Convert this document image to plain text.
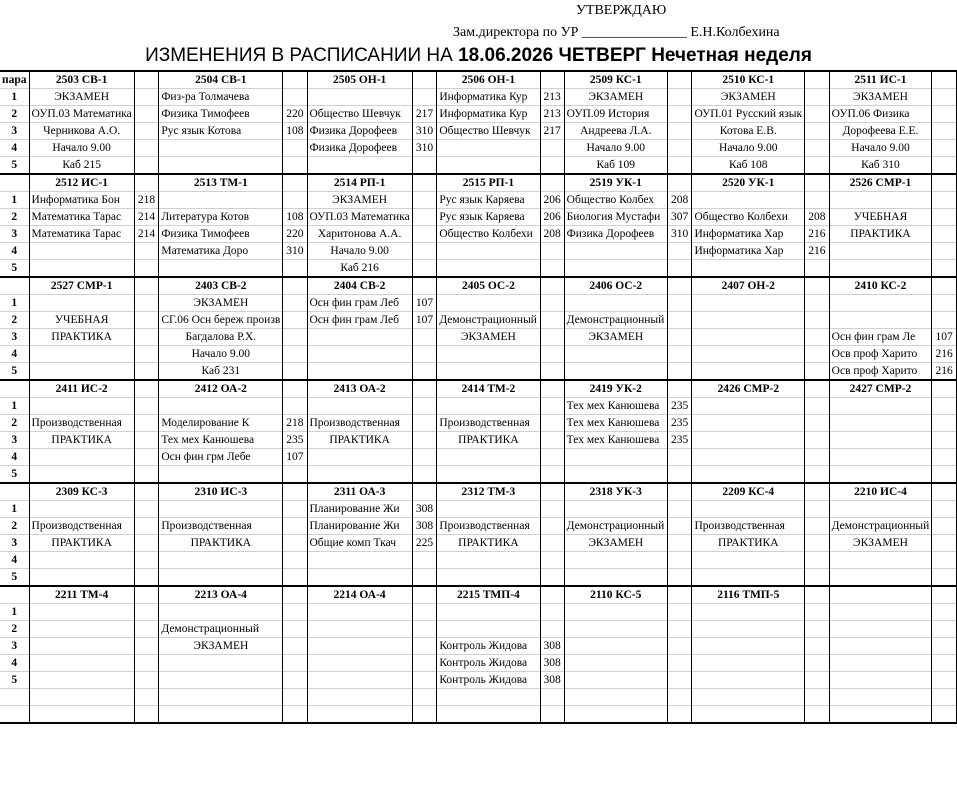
УТВЕРЖДАЮ
Зам.директора по УР _______________ Е.Н.Колбехина
ИЗМЕНЕНИЯ В РАСПИСАНИИ НА 18.06.2026 ЧЕТВЕРГ Нечетная неделя
пара	2503 СВ-1		2504 СВ-1		2505 ОН-1		2506 ОН-1		2509 КС-1		2510 КС-1		2511 ИС-1	
1	ЭКЗАМЕН		Физ-ра Толмачева				Информатика Кур	213	ЭКЗАМЕН		ЭКЗАМЕН		ЭКЗАМЕН	
2	ОУП.03 Математика		Физика Тимофеев	220	Общество Шевчук	217	Информатика Кур	213	ОУП.09 История		ОУП.01 Русский язык		ОУП.06 Физика	
3	Черникова А.О.		Рус язык Котова	108	Физика Дорофеев	310	Общество Шевчук	217	Андреева Л.А.		Котова Е.В.		Дорофеева Е.Е.	
4	Начало 9.00				Физика Дорофеев	310			Начало 9.00		Начало 9.00		Начало 9.00	
5	Каб 215								Каб 109		Каб 108		Каб 310	
	2512 ИС-1		2513 ТМ-1		2514 РП-1		2515 РП-1		2519 УК-1		2520 УК-1		2526 СМР-1	
1	Информатика Бон	218			ЭКЗАМЕН		Рус язык Каряева	206	Общество Колбех	208				
2	Математика Тарас	214	Литература Котов	108	ОУП.03 Математика		Рус язык Каряева	206	Биология Мустафи	307	Общество Колбехи	208	УЧЕБНАЯ	
3	Математика Тарас	214	Физика Тимофеев	220	Харитонова А.А.		Общество Колбехи	208	Физика Дорофеев	310	Информатика Хар	216	ПРАКТИКА	
4			Математика Доро	310	Начало 9.00						Информатика Хар	216		
5					Каб 216									
	2527 СМР-1		2403 СВ-2		2404 СВ-2		2405 ОС-2		2406 ОС-2		2407 ОН-2		2410 КС-2	
1			ЭКЗАМЕН		Осн фин грам Леб	107								
2	УЧЕБНАЯ		СГ.06 Осн береж произв		Осн фин грам Леб	107	Демонстрационный		Демонстрационный					
3	ПРАКТИКА		Багдалова Р.Х.				ЭКЗАМЕН		ЭКЗАМЕН				Осн фин грам Ле	107
4			Начало 9.00										Осв проф Харито	216
5			Каб 231										Осв проф Харито	216
	2411 ИС-2		2412 ОА-2		2413 ОА-2		2414 ТМ-2		2419 УК-2		2426 СМР-2		2427 СМР-2	
1									Тех мех Канюшева	235				
2	Производственная		Моделирование К	218	Производственная		Производственная		Тех мех Канюшева	235				
3	ПРАКТИКА		Тех мех Канюшева	235	ПРАКТИКА		ПРАКТИКА		Тех мех Канюшева	235				
4			Осн фин грм Лебе	107										
5														
	2309 КС-3		2310 ИС-3		2311 ОА-3		2312 ТМ-3		2318 УК-3		2209 КС-4		2210 ИС-4	
1					Планирование Жи	308								
2	Производственная		Производственная		Планирование Жи	308	Производственная		Демонстрационный		Производственная		Демонстрационный	
3	ПРАКТИКА		ПРАКТИКА		Общие комп Ткач	225	ПРАКТИКА		ЭКЗАМЕН		ПРАКТИКА		ЭКЗАМЕН	
4														
5														
	2211 ТМ-4		2213 ОА-4		2214 ОА-4		2215 ТМП-4		2110 КС-5		2116 ТМП-5			
1														
2			Демонстрационный											
3			ЭКЗАМЕН				Контроль Жидова	308						
4							Контроль Жидова	308						
5							Контроль Жидова	308						
